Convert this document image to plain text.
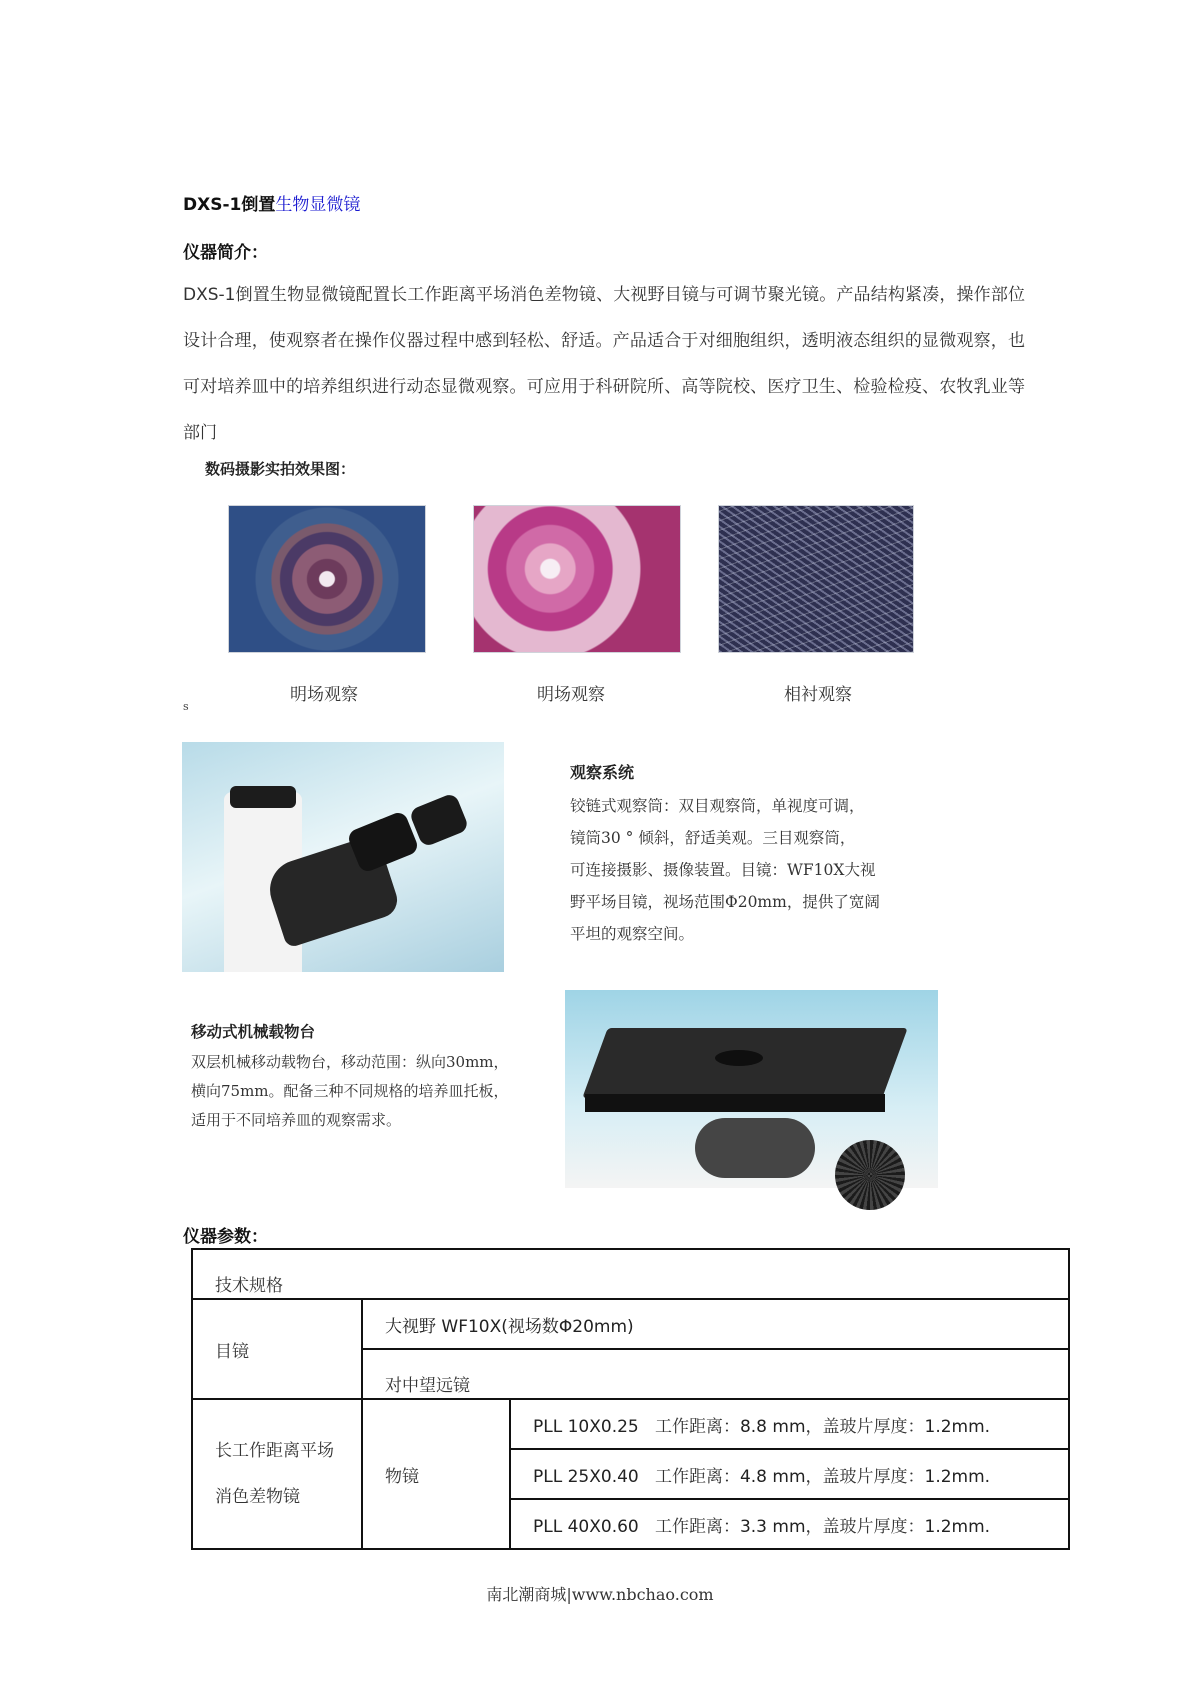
DXS-1倒置生物显微镜
仪器简介：
DXS-1倒置生物显微镜配置长工作距离平场消色差物镜、大视野目镜与可调节聚光镜。产品结构紧凑，操作部位设计合理，使观察者在操作仪器过程中感到轻松、舒适。产品适合于对细胞组织，透明液态组织的显微观察，也可对培养皿中的培养组织进行动态显微观察。可应用于科研院所、高等院校、医疗卫生、检验检疫、农牧乳业等部门
数码摄影实拍效果图：
明场观察	明场观察	相衬观察
s
观察系统
铰链式观察筒：双目观察筒，单视度可调，
镜筒30 ° 倾斜，舒适美观。三目观察筒，
可连接摄影、摄像装置。目镜：WF10X大视
野平场目镜，视场范围Φ20mm，提供了宽阔
平坦的观察空间。
移动式机械载物台
双层机械移动载物台，移动范围：纵向30mm，
横向75mm。配备三种不同规格的培养皿托板，
适用于不同培养皿的观察需求。
仪器参数：
技术规格		
目镜	大视野 WF10X(视场数Φ20mm)	
	对中望远镜	

长工作距离平场
消色差物镜	物镜	PLL 10X0.25 工作距离：8.8 mm，盖玻片厚度：1.2mm.
		PLL 25X0.40 工作距离：4.8 mm，盖玻片厚度：1.2mm.
		PLL 40X0.60 工作距离：3.3 mm，盖玻片厚度：1.2mm.
南北潮商城|www.nbchao.com
